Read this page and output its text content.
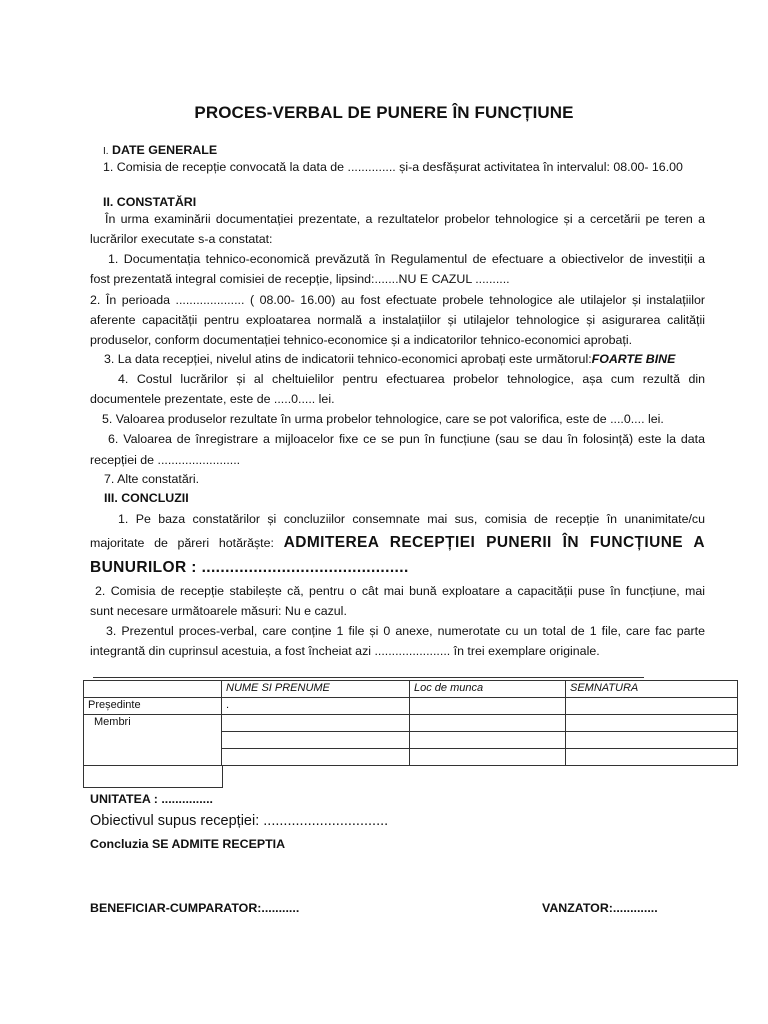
PROCES-VERBAL DE PUNERE ÎN FUNCȚIUNE
I. DATE GENERALE
1. Comisia de recepție convocată la data de .............. și-a desfășurat activitatea în intervalul: 08.00- 16.00
II. CONSTATĂRI
În urma examinării documentației prezentate, a rezultatelor probelor tehnologice și a cercetării pe teren a
lucrărilor executate s-a constatat:
1. Documentația tehnico-economică prevăzută în Regulamentul de efectuare a obiectivelor de investiții a
fost prezentată integral comisiei de recepție, lipsind:.......NU E CAZUL ..........
2. În perioada .................... ( 08.00- 16.00) au fost efectuate probele tehnologice ale utilajelor și instalațiilor
aferente capacității pentru exploatarea normală a instalațiilor și utilajelor tehnologice și asigurarea calității
produselor, conform documentației tehnico-economice și a indicatorilor tehnico-economici aprobați.
3. La data recepției, nivelul atins de indicatorii tehnico-economici aprobați este următorul:FOARTE BINE
4. Costul lucrărilor și al cheltuielilor pentru efectuarea probelor tehnologice, așa cum rezultă din
documentele prezentate, este de .....0..... lei.
5. Valoarea produselor rezultate în urma probelor tehnologice, care se pot valorifica, este de ....0.... lei.
6. Valoarea de înregistrare a mijloacelor fixe ce se pun în funcțiune (sau se dau în folosință) este la data
recepției de ........................
7. Alte constatări.
III. CONCLUZII
1. Pe baza constatărilor și concluziilor consemnate mai sus, comisia de recepție în unanimitate/cu
majoritate de păreri hotărăște: ADMITEREA RECEPȚIEI PUNERII ÎN FUNCȚIUNE A
BUNURILOR : ............................................
2. Comisia de recepție stabilește că, pentru o cât mai bună exploatare a capacității puse în funcțiune, mai
sunt necesare următoarele măsuri: Nu e cazul.
3. Prezentul proces-verbal, care conține 1 file și 0 anexe, numerotate cu un total de 1 file, care fac parte
integrantă din cuprinsul acestuia, a fost încheiat azi ...................... în trei exemplare originale.
	NUME SI PRENUME	Loc de munca	SEMNATURA
Președinte	.		
Membri			

UNITATEA : ...............
Obiectivul supus recepției: ...............................
Concluzia SE ADMITE RECEPTIA
BENEFICIAR-CUMPARATOR:...........	VANZATOR:.............
